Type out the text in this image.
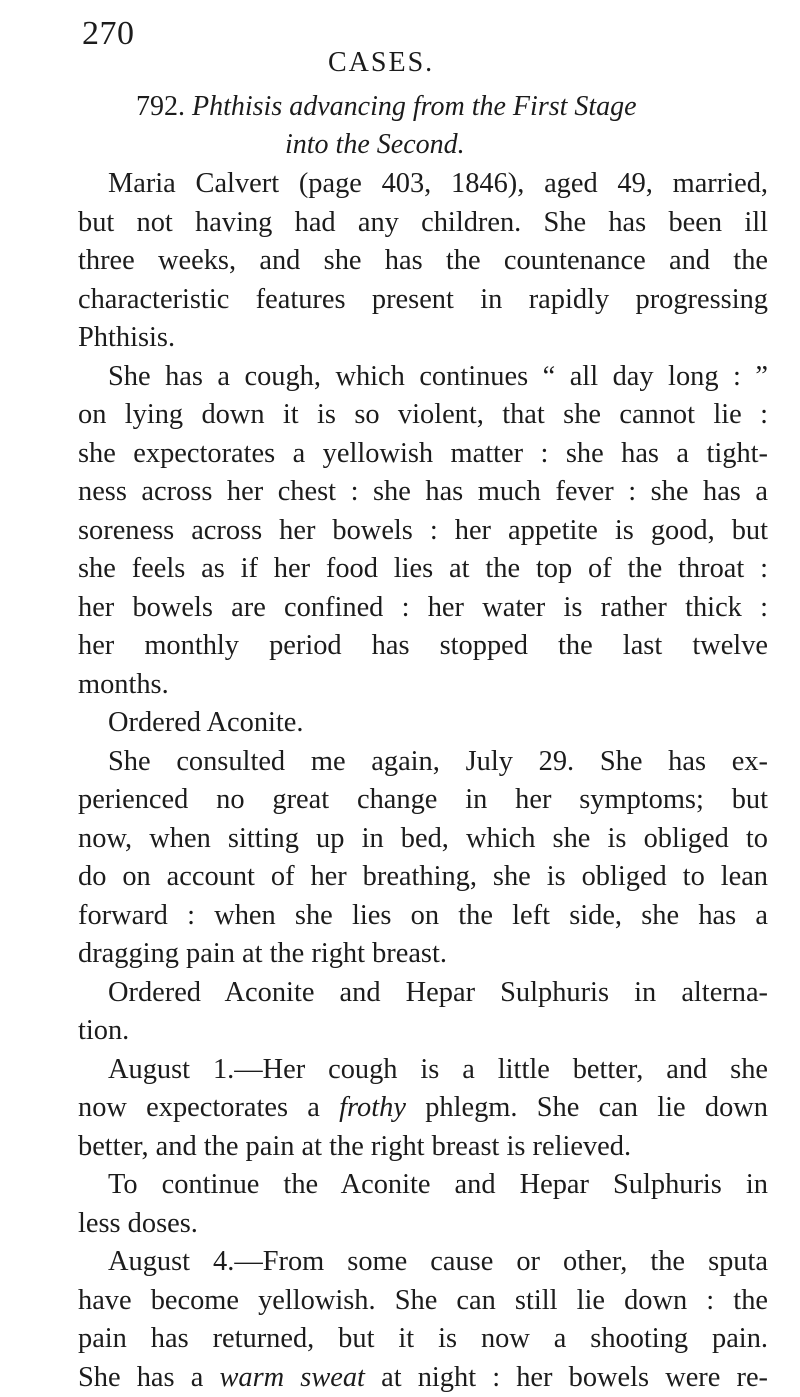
270
CASES.
792. Phthisis advancing from the First Stage
into the Second.
Maria Calvert (page 403, 1846), aged 49, married,
but not having had any children. She has been ill
three weeks, and she has the countenance and the
characteristic features present in rapidly progressing
Phthisis.
She has a cough, which continues “ all day long : ”
on lying down it is so violent, that she cannot lie :
she expectorates a yellowish matter : she has a tight-
ness across her chest : she has much fever : she has a
soreness across her bowels : her appetite is good, but
she feels as if her food lies at the top of the throat :
her bowels are confined : her water is rather thick :
her monthly period has stopped the last twelve
months.
Ordered Aconite.
She consulted me again, July 29. She has ex-
perienced no great change in her symptoms; but
now, when sitting up in bed, which she is obliged to
do on account of her breathing, she is obliged to lean
forward : when she lies on the left side, she has a
dragging pain at the right breast.
Ordered Aconite and Hepar Sulphuris in alterna-
tion.
August 1.—Her cough is a little better, and she
now expectorates a frothy phlegm. She can lie down
better, and the pain at the right breast is relieved.
To continue the Aconite and Hepar Sulphuris in
less doses.
August 4.—From some cause or other, the sputa
have become yellowish. She can still lie down : the
pain has returned, but it is now a shooting pain.
She has a warm sweat at night : her bowels were re-
